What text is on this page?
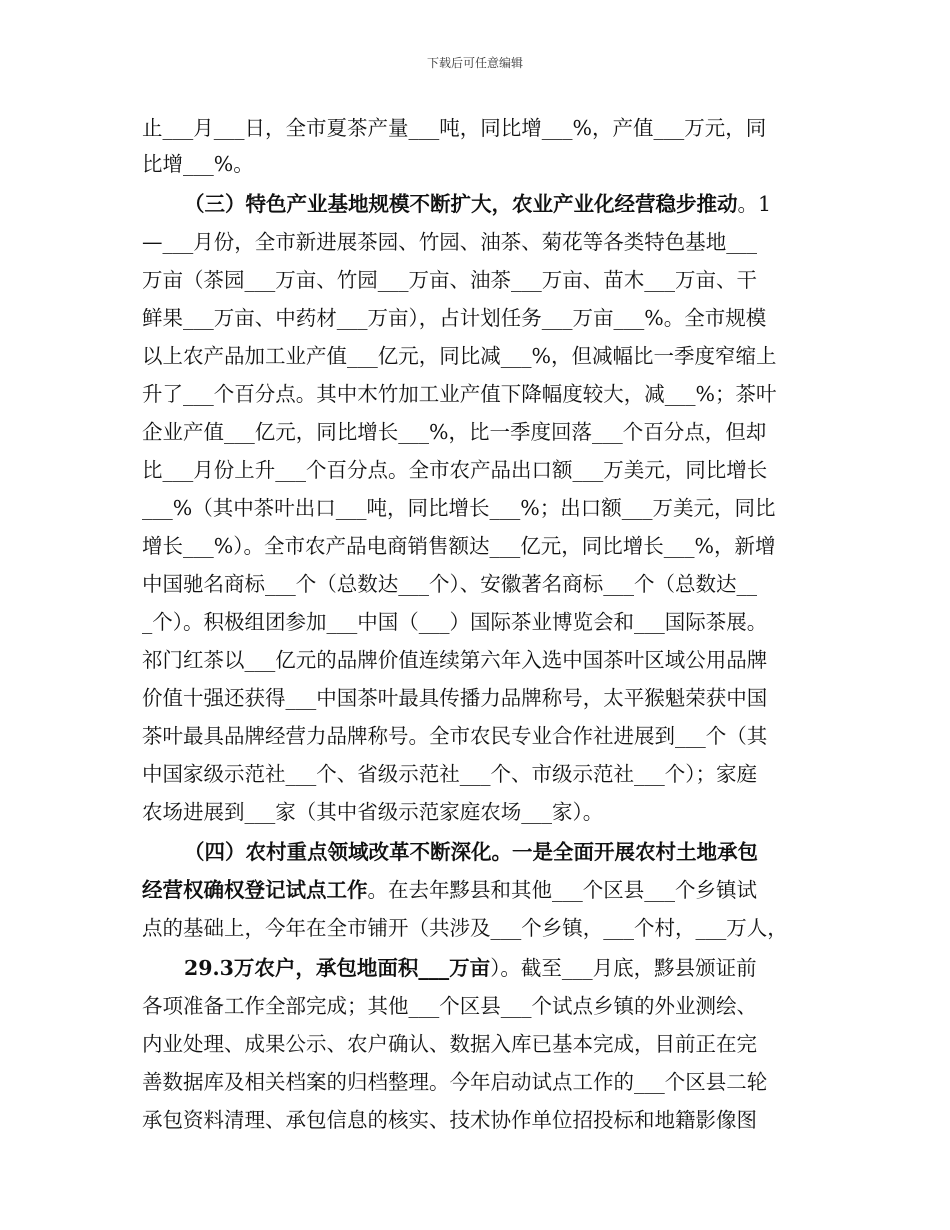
下载后可任意编辑
止___月___日，全市夏茶产量___吨，同比增___%，产值___万元，同
比增___%。
（三）特色产业基地规模不断扩大，农业产业化经营稳步推动。1
—___月份，全市新进展茶园、竹园、油茶、菊花等各类特色基地___
万亩（茶园___万亩、竹园___万亩、油茶___万亩、苗木___万亩、干
鲜果___万亩、中药材___万亩），占计划任务___万亩___%。全市规模
以上农产品加工业产值___亿元，同比减___%，但减幅比一季度窄缩上
升了___个百分点。其中木竹加工业产值下降幅度较大，减___%；茶叶
企业产值___亿元，同比增长___%，比一季度回落___个百分点，但却
比___月份上升___个百分点。全市农产品出口额___万美元，同比增长
___%（其中茶叶出口___吨，同比增长___%；出口额___万美元，同比
增长___%）。全市农产品电商销售额达___亿元，同比增长___%，新增
中国驰名商标___个（总数达___个）、安徽著名商标___个（总数达__
_个）。积极组团参加___中国（___）国际茶业博览会和___国际茶展。
祁门红茶以___亿元的品牌价值连续第六年入选中国茶叶区域公用品牌
价值十强还获得___中国茶叶最具传播力品牌称号，太平猴魁荣获中国
茶叶最具品牌经营力品牌称号。全市农民专业合作社进展到___个（其
中国家级示范社___个、省级示范社___个、市级示范社___个）；家庭
农场进展到___家（其中省级示范家庭农场___家）。
（四）农村重点领域改革不断深化。一是全面开展农村土地承包
经营权确权登记试点工作。在去年黟县和其他___个区县___个乡镇试
点的基础上，今年在全市铺开（共涉及___个乡镇，___个村，___万人，
29.3万农户，承包地面积___万亩）。截至___月底，黟县颁证前
各项准备工作全部完成；其他___个区县___个试点乡镇的外业测绘、
内业处理、成果公示、农户确认、数据入库已基本完成，目前正在完
善数据库及相关档案的归档整理。今年启动试点工作的___个区县二轮
承包资料清理、承包信息的核实、技术协作单位招投标和地籍影像图
